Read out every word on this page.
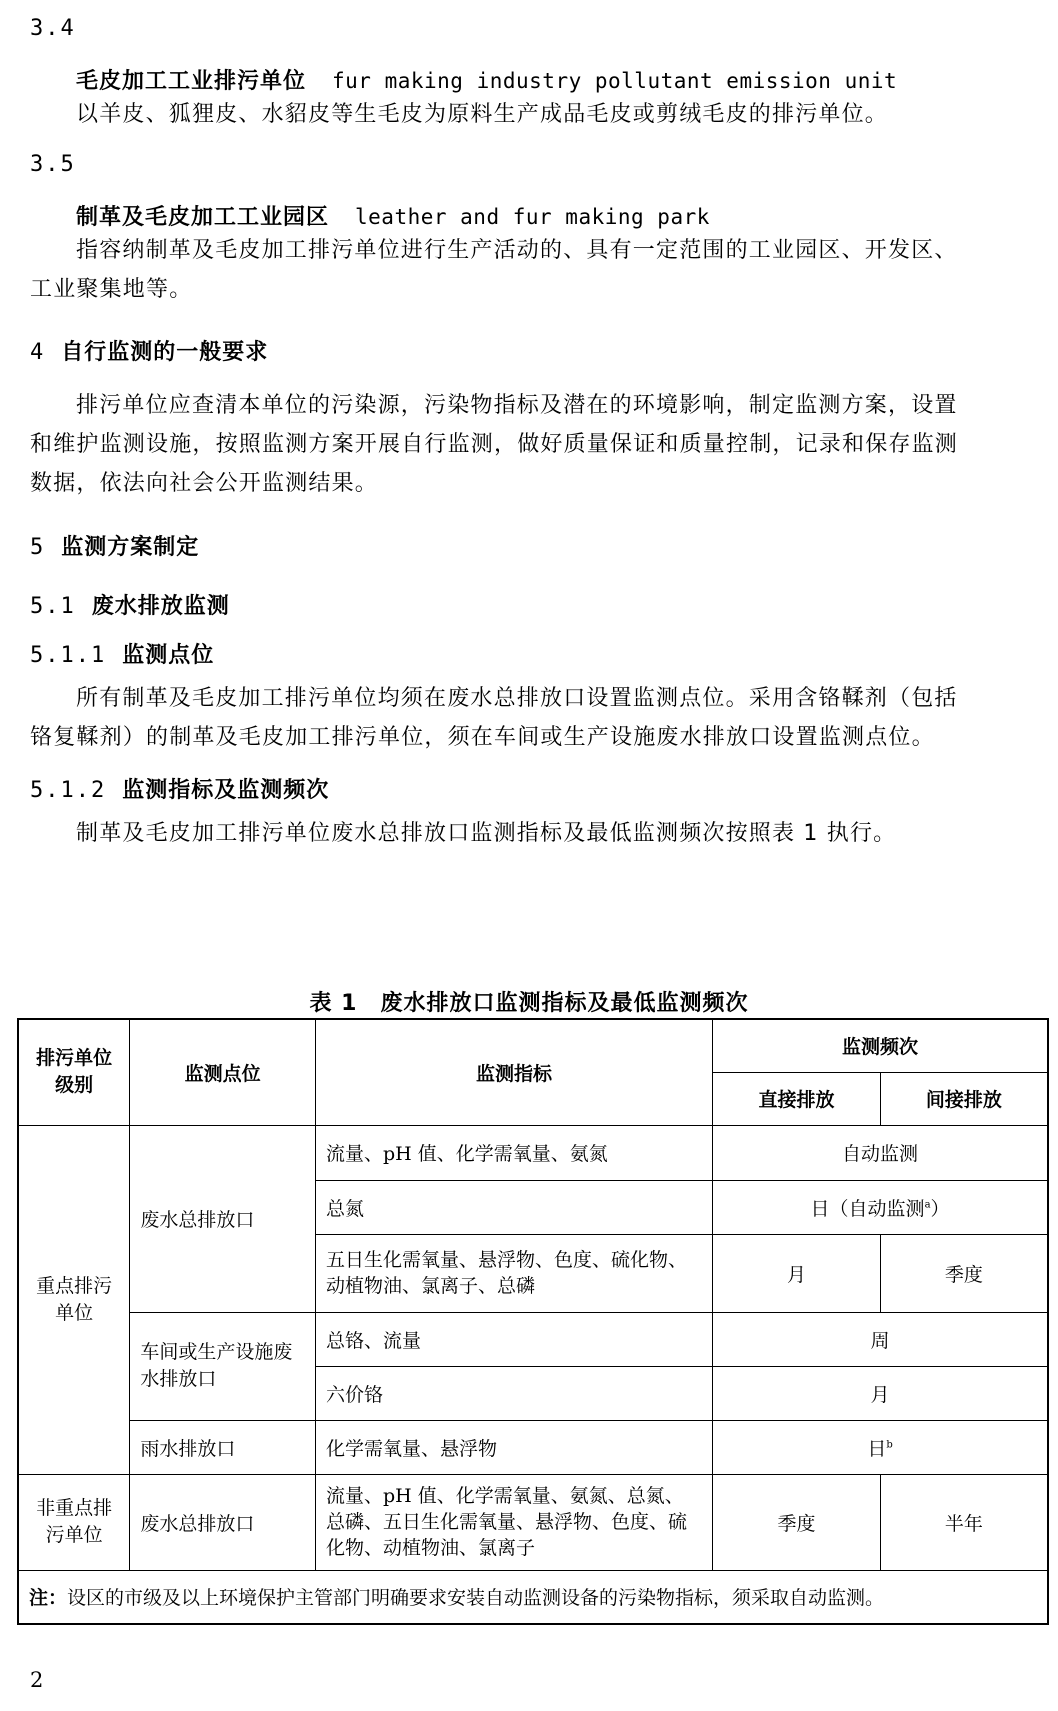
3.4
毛皮加工工业排污单位 fur making industry pollutant emission unit
以羊皮、狐狸皮、水貂皮等生毛皮为原料生产成品毛皮或剪绒毛皮的排污单位。
3.5
制革及毛皮加工工业园区 leather and fur making park
指容纳制革及毛皮加工排污单位进行生产活动的、具有一定范围的工业园区、开发区、
工业聚集地等。
4 自行监测的一般要求
排污单位应查清本单位的污染源，污染物指标及潜在的环境影响，制定监测方案，设置
和维护监测设施，按照监测方案开展自行监测，做好质量保证和质量控制，记录和保存监测
数据，依法向社会公开监测结果。
5 监测方案制定
5.1 废水排放监测
5.1.1 监测点位
所有制革及毛皮加工排污单位均须在废水总排放口设置监测点位。采用含铬鞣剂（包括
铬复鞣剂）的制革及毛皮加工排污单位，须在车间或生产设施废水排放口设置监测点位。
5.1.2 监测指标及监测频次
制革及毛皮加工排污单位废水总排放口监测指标及最低监测频次按照表 1 执行。
表 1　废水排放口监测指标及最低监测频次
排污单位级别	监测点位	监测指标	监测频次	
			直接排放	间接排放
重点排污单位	废水总排放口	流量、pH 值、化学需氧量、氨氮	自动监测	
		总氮	日（自动监测$^a$）	
		五日生化需氧量、悬浮物、色度、硫化物、动植物油、氯离子、总磷	月	季度
	车间或生产设施废水排放口	总铬、流量	周	
		六价铬	月	
	雨水排放口	化学需氧量、悬浮物	日$^b$
非重点排污单位	废水总排放口	流量、pH 值、化学需氧量、氨氮、总氮、总磷、五日生化需氧量、悬浮物、色度、硫化物、动植物油、氯离子	季度	半年
注：设区的市级及以上环境保护主管部门明确要求安装自动监测设备的污染物指标，须采取自动监测。				
2
